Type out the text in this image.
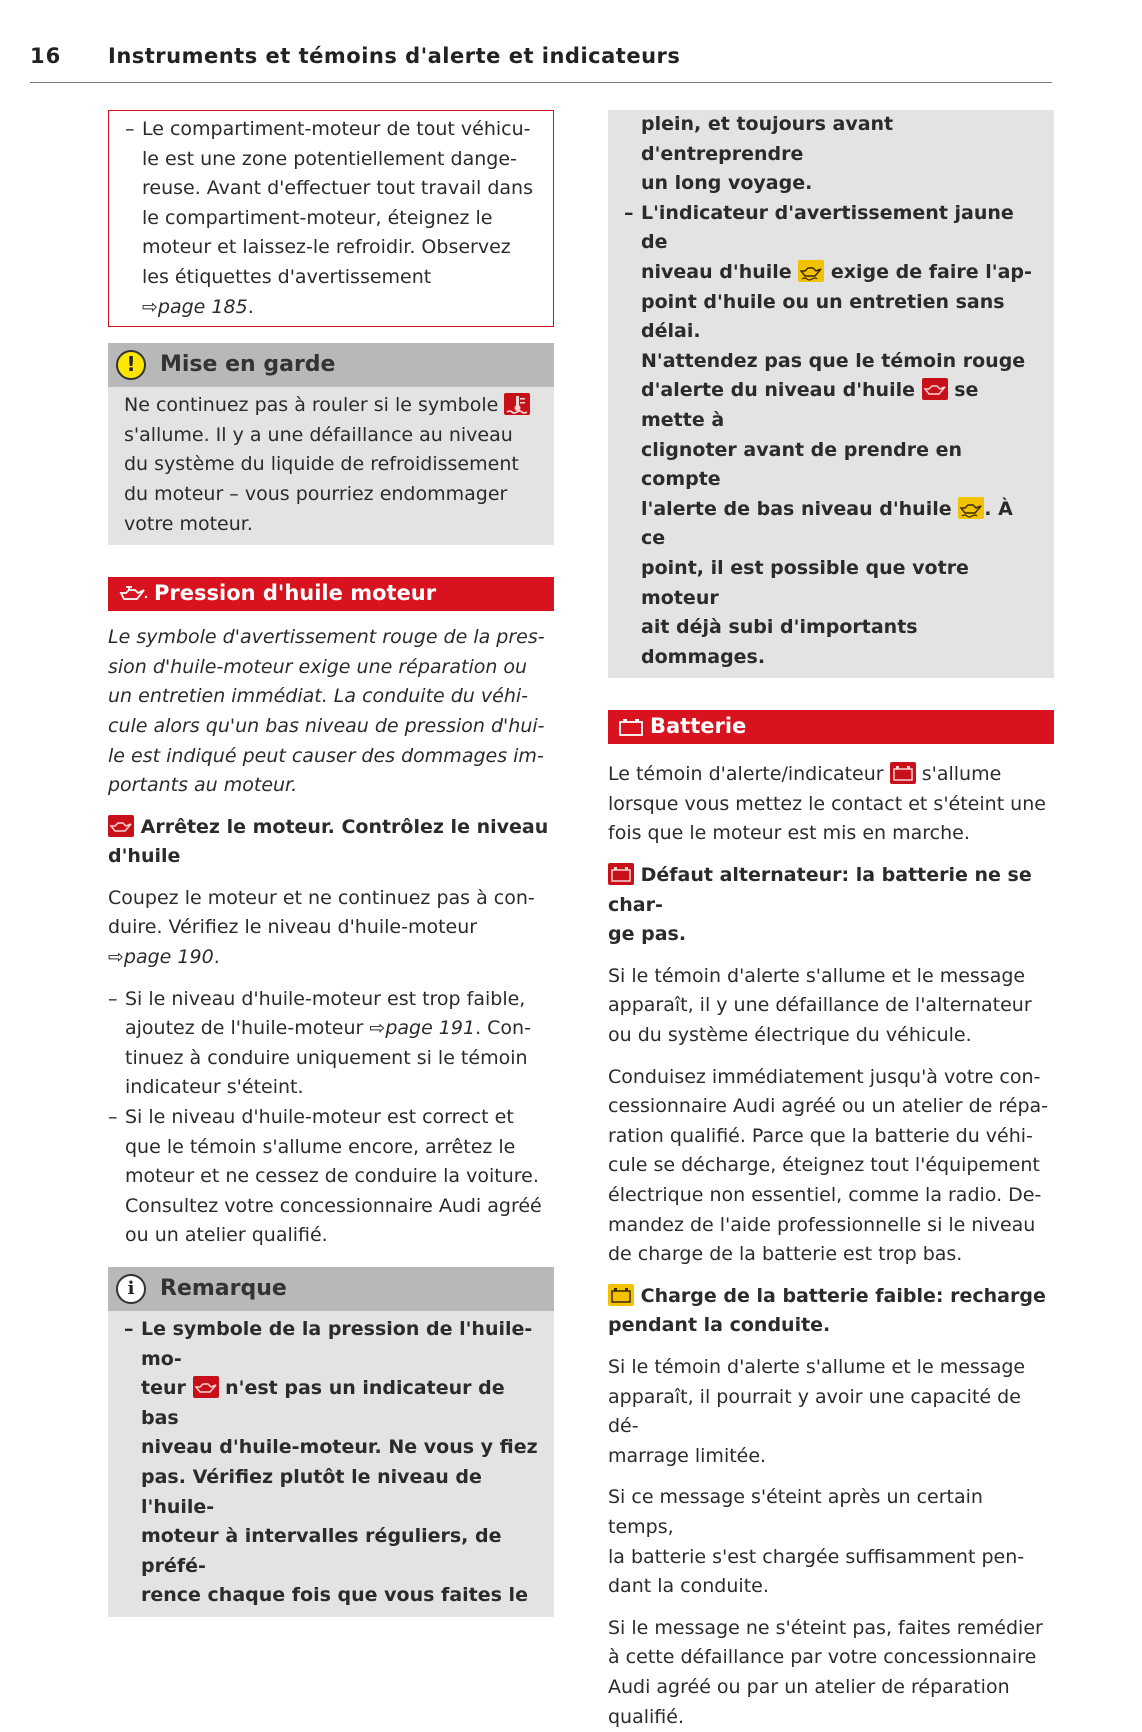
16 Instruments et témoins d'alerte et indicateurs
– Le compartiment-moteur de tout véhicu-
le est une zone potentiellement dange-
reuse. Avant d'effectuer tout travail dans
le compartiment-moteur, éteignez le
moteur et laissez-le refroidir. Observez
les étiquettes d'avertissement
⇨page 185.
!	Mise en garde
Ne continuez pas à rouler si le symbole
s'allume. Il y a une défaillance au niveau
du système du liquide de refroidissement
du moteur – vous pourriez endommager
votre moteur.
Pression d'huile moteur
Le symbole d'avertissement rouge de la pres-
sion d'huile-moteur exige une réparation ou
un entretien immédiat. La conduite du véhi-
cule alors qu'un bas niveau de pression d'hui-
le est indiqué peut causer des dommages im-
portants au moteur.
Arrêtez le moteur. Contrôlez le niveau
d'huile
Coupez le moteur et ne continuez pas à con-
duire. Vérifiez le niveau d'huile-moteur
⇨page 190.
– Si le niveau d'huile-moteur est trop faible,
ajoutez de l'huile-moteur ⇨page 191. Con-
tinuez à conduire uniquement si le témoin
indicateur s'éteint.
– Si le niveau d'huile-moteur est correct et
que le témoin s'allume encore, arrêtez le
moteur et ne cessez de conduire la voiture.
Consultez votre concessionnaire Audi agréé
ou un atelier qualifié.
i	Remarque
– Le symbole de la pression de l'huile-mo-
teur n'est pas un indicateur de bas
niveau d'huile-moteur. Ne vous y fiez
pas. Vérifiez plutôt le niveau de l'huile-
moteur à intervalles réguliers, de préfé-
rence chaque fois que vous faites le
plein, et toujours avant d'entreprendre
un long voyage.
– L'indicateur d'avertissement jaune de
niveau d'huile exige de faire l'ap-
point d'huile ou un entretien sans délai.
N'attendez pas que le témoin rouge
d'alerte du niveau d'huile se mette à
clignoter avant de prendre en compte
l'alerte de bas niveau d'huile . À ce
point, il est possible que votre moteur
ait déjà subi d'importants dommages.
Batterie
Le témoin d'alerte/indicateur s'allume
lorsque vous mettez le contact et s'éteint une
fois que le moteur est mis en marche.
Défaut alternateur: la batterie ne se char-
ge pas.
Si le témoin d'alerte s'allume et le message
apparaît, il y une défaillance de l'alternateur
ou du système électrique du véhicule.
Conduisez immédiatement jusqu'à votre con-
cessionnaire Audi agréé ou un atelier de répa-
ration qualifié. Parce que la batterie du véhi-
cule se décharge, éteignez tout l'équipement
électrique non essentiel, comme la radio. De-
mandez de l'aide professionnelle si le niveau
de charge de la batterie est trop bas.
Charge de la batterie faible: recharge
pendant la conduite.
Si le témoin d'alerte s'allume et le message
apparaît, il pourrait y avoir une capacité de dé-
marrage limitée.
Si ce message s'éteint après un certain temps,
la batterie s'est chargée suffisamment pen-
dant la conduite.
Si le message ne s'éteint pas, faites remédier
à cette défaillance par votre concessionnaire
Audi agréé ou par un atelier de réparation
qualifié.
